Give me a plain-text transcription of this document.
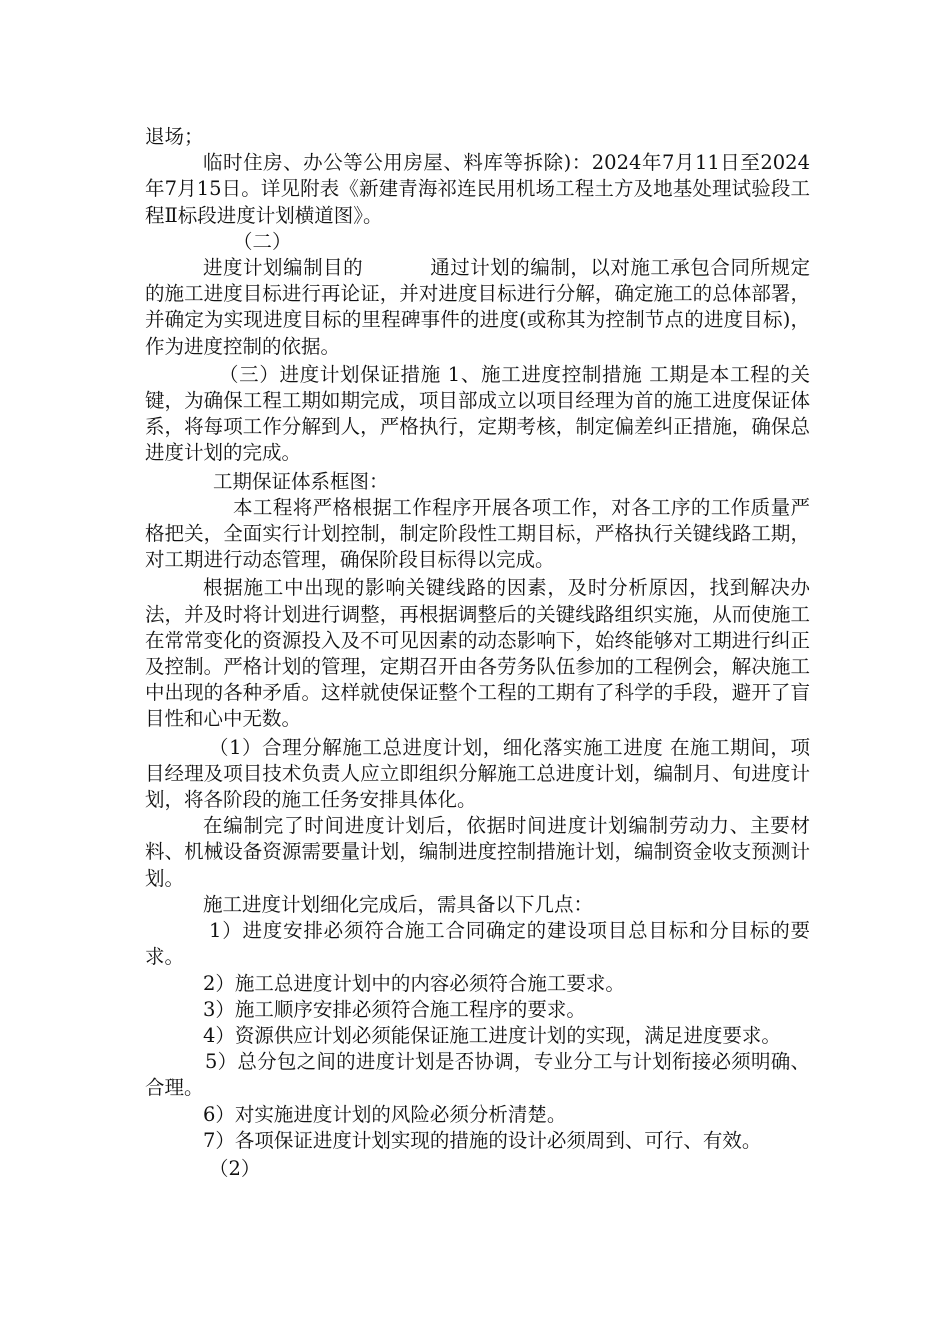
退场；

临时住房、办公等公用房屋、料库等拆除)：2024年7月11日至2024年7月15日。详见附表《新建青海祁连民用机场工程土方及地基处理试验段工程Ⅱ标段进度计划横道图》。

（二）

进度计划编制目的          通过计划的编制，以对施工承包合同所规定的施工进度目标进行再论证，并对进度目标进行分解，确定施工的总体部署，并确定为实现进度目标的里程碑事件的进度(或称其为控制节点的进度目标)，作为进度控制的依据。

（三）进度计划保证措施 1、施工进度控制措施 工期是本工程的关键，为确保工程工期如期完成，项目部成立以项目经理为首的施工进度保证体系，将每项工作分解到人，严格执行，定期考核，制定偏差纠正措施，确保总进度计划的完成。

工期保证体系框图：

本工程将严格根据工作程序开展各项工作，对各工序的工作质量严格把关，全面实行计划控制，制定阶段性工期目标，严格执行关键线路工期，对工期进行动态管理，确保阶段目标得以完成。

根据施工中出现的影响关键线路的因素，及时分析原因，找到解决办法，并及时将计划进行调整，再根据调整后的关键线路组织实施，从而使施工在常常变化的资源投入及不可见因素的动态影响下，始终能够对工期进行纠正及控制。严格计划的管理，定期召开由各劳务队伍参加的工程例会，解决施工中出现的各种矛盾。这样就使保证整个工程的工期有了科学的手段，避开了盲目性和心中无数。

（1）合理分解施工总进度计划，细化落实施工进度 在施工期间，项目经理及项目技术负责人应立即组织分解施工总进度计划，编制月、旬进度计划，将各阶段的施工任务安排具体化。

在编制完了时间进度计划后，依据时间进度计划编制劳动力、主要材料、机械设备资源需要量计划，编制进度控制措施计划，编制资金收支预测计划。

施工进度计划细化完成后，需具备以下几点：

1）进度安排必须符合施工合同确定的建设项目总目标和分目标的要求。

2）施工总进度计划中的内容必须符合施工要求。

3）施工顺序安排必须符合施工程序的要求。

4）资源供应计划必须能保证施工进度计划的实现，满足进度要求。

5）总分包之间的进度计划是否协调，专业分工与计划衔接必须明确、合理。

6）对实施进度计划的风险必须分析清楚。

7）各项保证进度计划实现的措施的设计必须周到、可行、有效。

（2）
